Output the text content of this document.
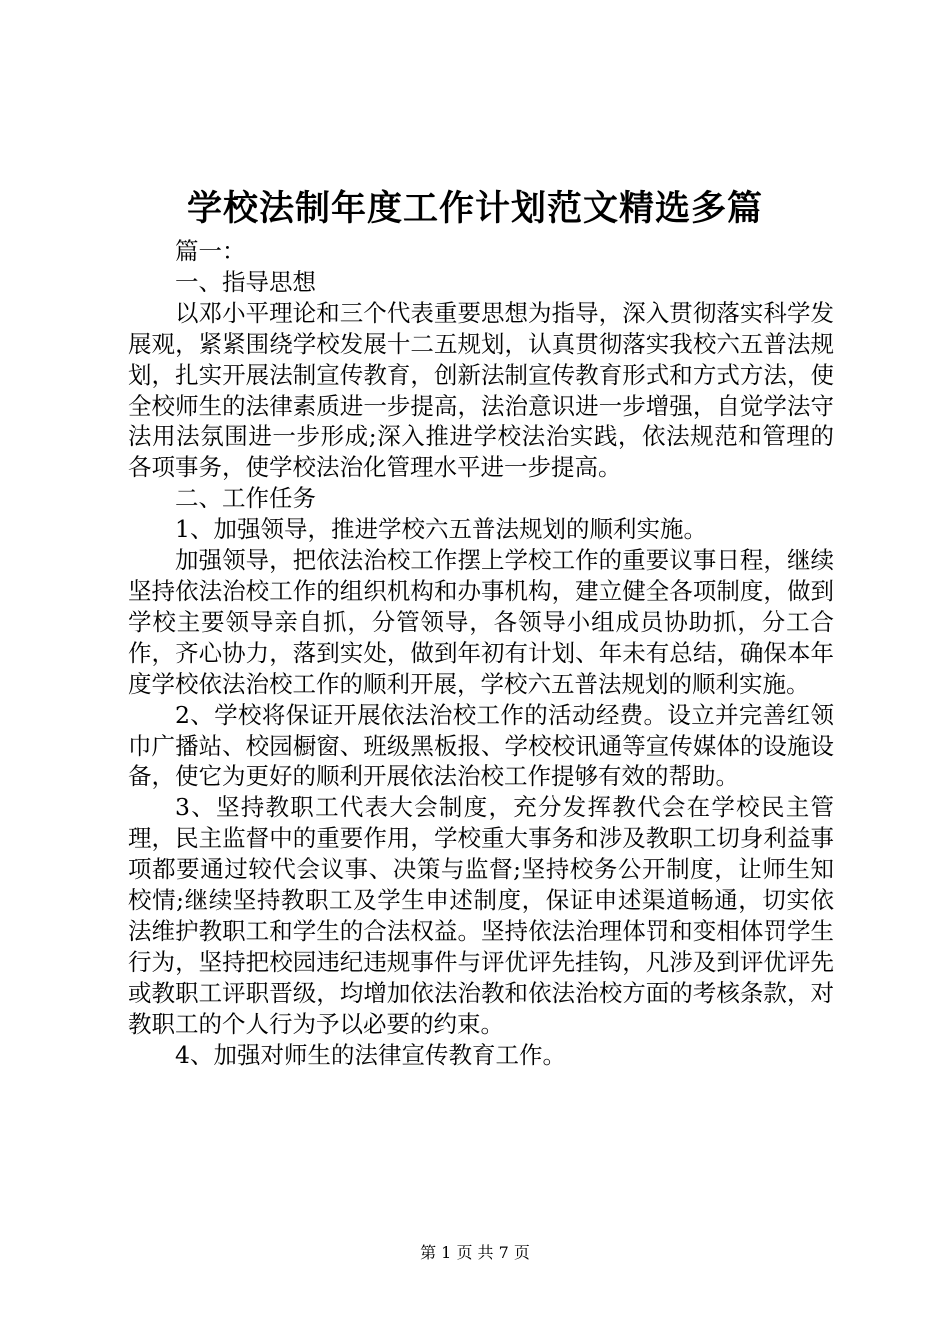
学校法制年度工作计划范文精选多篇

篇一：

一、指导思想

以邓小平理论和三个代表重要思想为指导，深入贯彻落实科学发展观，紧紧围绕学校发展十二五规划，认真贯彻落实我校六五普法规划，扎实开展法制宣传教育，创新法制宣传教育形式和方式方法，使全校师生的法律素质进一步提高，法治意识进一步增强，自觉学法守法用法氛围进一步形成;深入推进学校法治实践，依法规范和管理的各项事务，使学校法治化管理水平进一步提高。

二、工作任务

1、加强领导，推进学校六五普法规划的顺利实施。

加强领导，把依法治校工作摆上学校工作的重要议事日程，继续坚持依法治校工作的组织机构和办事机构，建立健全各项制度，做到学校主要领导亲自抓，分管领导，各领导小组成员协助抓，分工合作，齐心协力，落到实处，做到年初有计划、年未有总结，确保本年度学校依法治校工作的顺利开展，学校六五普法规划的顺利实施。

2、学校将保证开展依法治校工作的活动经费。设立并完善红领巾广播站、校园橱窗、班级黑板报、学校校讯通等宣传媒体的设施设备，使它为更好的顺利开展依法治校工作提够有效的帮助。

3、坚持教职工代表大会制度，充分发挥教代会在学校民主管理，民主监督中的重要作用，学校重大事务和涉及教职工切身利益事项都要通过较代会议事、决策与监督;坚持校务公开制度，让师生知校情;继续坚持教职工及学生申述制度，保证申述渠道畅通，切实依法维护教职工和学生的合法权益。坚持依法治理体罚和变相体罚学生行为，坚持把校园违纪违规事件与评优评先挂钩，凡涉及到评优评先或教职工评职晋级，均增加依法治教和依法治校方面的考核条款，对教职工的个人行为予以必要的约束。

4、加强对师生的法律宣传教育工作。

第 1 页 共 7 页
